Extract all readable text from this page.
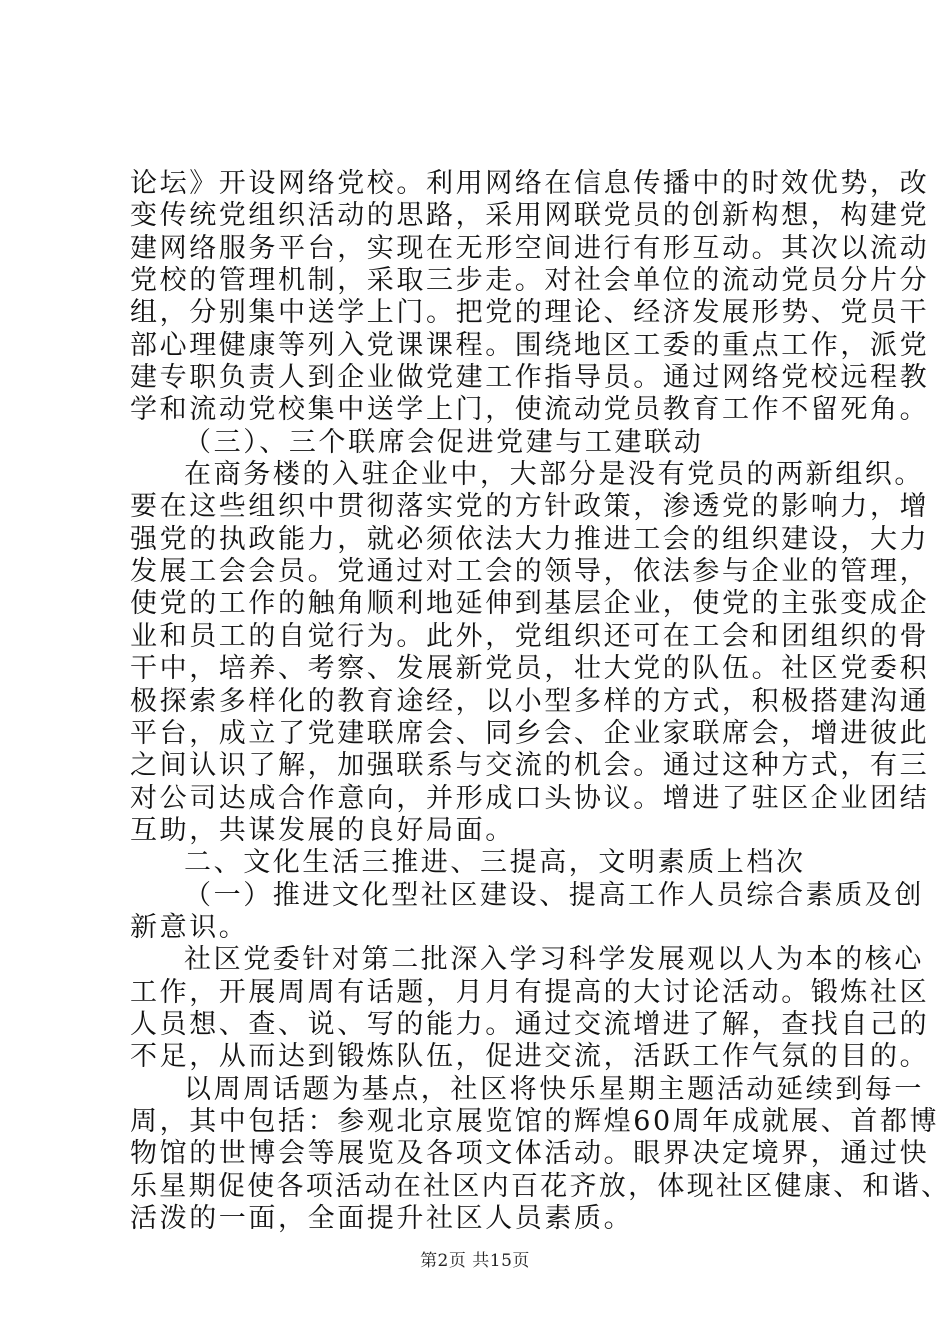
论坛》开设网络党校。利用网络在信息传播中的时效优势，改
变传统党组织活动的思路，采用网联党员的创新构想，构建党
建网络服务平台，实现在无形空间进行有形互动。其次以流动
党校的管理机制，采取三步走。对社会单位的流动党员分片分
组，分别集中送学上门。把党的理论、经济发展形势、党员干
部心理健康等列入党课课程。围绕地区工委的重点工作，派党
建专职负责人到企业做党建工作指导员。通过网络党校远程教
学和流动党校集中送学上门，使流动党员教育工作不留死角。
（三）、三个联席会促进党建与工建联动
在商务楼的入驻企业中，大部分是没有党员的两新组织。
要在这些组织中贯彻落实党的方针政策，渗透党的影响力，增
强党的执政能力，就必须依法大力推进工会的组织建设，大力
发展工会会员。党通过对工会的领导，依法参与企业的管理，
使党的工作的触角顺利地延伸到基层企业，使党的主张变成企
业和员工的自觉行为。此外，党组织还可在工会和团组织的骨
干中，培养、考察、发展新党员，壮大党的队伍。社区党委积
极探索多样化的教育途经，以小型多样的方式，积极搭建沟通
平台，成立了党建联席会、同乡会、企业家联席会，增进彼此
之间认识了解，加强联系与交流的机会。通过这种方式，有三
对公司达成合作意向，并形成口头协议。增进了驻区企业团结
互助，共谋发展的良好局面。
二、文化生活三推进、三提高，文明素质上档次
（一）推进文化型社区建设、提高工作人员综合素质及创
新意识。
社区党委针对第二批深入学习科学发展观以人为本的核心
工作，开展周周有话题，月月有提高的大讨论活动。锻炼社区
人员想、查、说、写的能力。通过交流增进了解，查找自己的
不足，从而达到锻炼队伍，促进交流，活跃工作气氛的目的。
以周周话题为基点，社区将快乐星期主题活动延续到每一
周，其中包括：参观北京展览馆的辉煌60周年成就展、首都博
物馆的世博会等展览及各项文体活动。眼界决定境界，通过快
乐星期促使各项活动在社区内百花齐放，体现社区健康、和谐、
活泼的一面，全面提升社区人员素质。
第2页 共15页
